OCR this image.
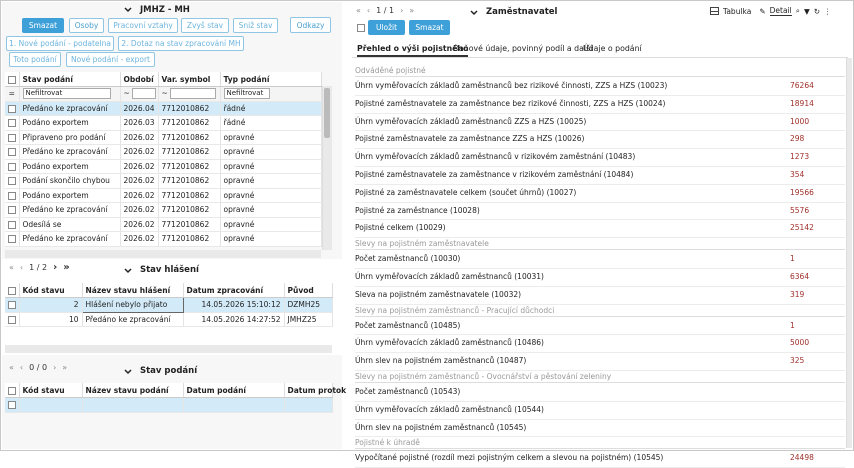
JMHZ - MH
Smazat	Osoby	Pracovní vztahy	Zvyš stav	Sniž stav	Odkazy
1. Nové podání - podatelna	2. Dotaz na stav zpracování MH
Toto podání	Nové podání - export
	Stav podání	Období	Var. symbol	Typ podání
=	Nefiltrovat	~	~	Nefiltrovat
	Předáno ke zpracování	2026.04	7712010862	řádné
	Podáno exportem	2026.03	7712010862	řádné
	Připraveno pro podání	2026.02	7712010862	opravné
	Předáno ke zpracování	2026.02	7712010862	opravné
	Podáno exportem	2026.02	7712010862	opravné
	Podání skončilo chybou	2026.02	7712010862	opravné
	Podáno exportem	2026.02	7712010862	opravné
	Předáno ke zpracování	2026.02	7712010862	opravné
	Odesílá se	2026.02	7712010862	opravné
	Předáno ke zpracování	2026.02	7712010862	opravné
« ‹ 1 / 2 › »	Stav hlášení
	Kód stavu	Název stavu hlášení	Datum zpracování	Původ
	2	Hlášení nebylo přijato	14.05.2026 15:10:12	DZMH25
	10	Předáno ke zpracování	14.05.2026 14:27:52	JMHZ25
« ‹ 0 / 0 › »	Stav podání
	Kód stavu	Název stavu podání	Datum podání	Datum protok

« ‹ 1 / 1 › »	Zaměstnavatel	Tabulka ✎ Detail ⌕ ▼ ↻ ⋮
Uložit	Smazat
Přehled o výši pojistného
Daňové údaje, povinný podíl a další
Údaje o podání
Odváděné pojistné
Úhrn vyměřovacích základů zaměstnanců bez rizikové činnosti, ZZS a HZS (10023)	76264
Pojistné zaměstnavatele za zaměstnance bez rizikové činnosti, ZZS a HZS (10024)	18914
Úhrn vyměřovacích základů zaměstnanců ZZS a HZS (10025)	1000
Pojistné zaměstnavatele za zaměstnance ZZS a HZS (10026)	298
Úhrn vyměřovacích základů zaměstnanců v rizikovém zaměstnání (10483)	1273
Pojistné zaměstnavatele za zaměstnance v rizikovém zaměstnání (10484)	354
Pojistné za zaměstnavatele celkem (součet úhrnů) (10027)	19566
Pojistné za zaměstnance (10028)	5576
Pojistné celkem (10029)	25142
Slevy na pojistném zaměstnavatele
Počet zaměstnanců (10030)	1
Úhrn vyměřovacích základů zaměstnanců (10031)	6364
Sleva na pojistném zaměstnavatele (10032)	319
Slevy na pojistném zaměstnanců - Pracující důchodci
Počet zaměstnanců (10485)	1
Úhrn vyměřovacích základů zaměstnanců (10486)	5000
Úhrn slev na pojistném zaměstnanců (10487)	325
Slevy na pojistném zaměstnanců - Ovocnářství a pěstování zeleniny
Počet zaměstnanců (10543)
Úhrn vyměřovacích základů zaměstnanců (10544)
Úhrn slev na pojistném zaměstnanců (10545)
Pojistné k úhradě
Vypočítané pojistné (rozdíl mezi pojistným celkem a slevou na pojistném) (10545)	24498
